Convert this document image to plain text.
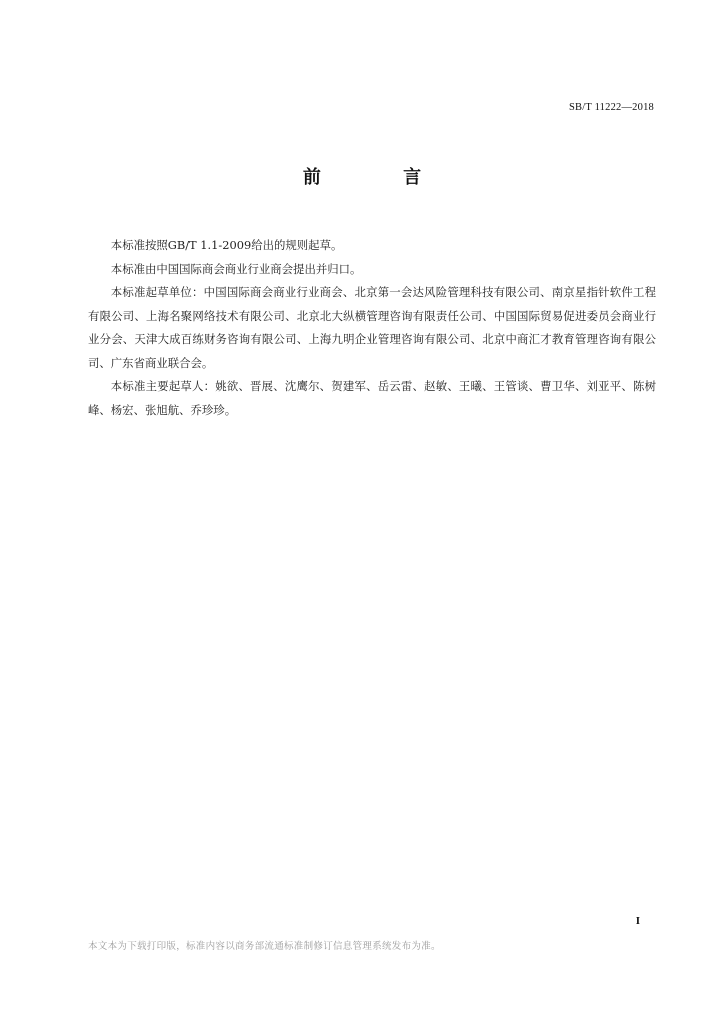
SB/T 11222—2018
前 言

本标准按照GB/T 1.1-2009给出的规则起草。

本标准由中国国际商会商业行业商会提出并归口。

本标准起草单位：中国国际商会商业行业商会、北京第一会达风险管理科技有限公司、南京星指针软件工程有限公司、上海名聚网络技术有限公司、北京北大纵横管理咨询有限责任公司、中国国际贸易促进委员会商业行业分会、天津大成百练财务咨询有限公司、上海九明企业管理咨询有限公司、北京中商汇才教育管理咨询有限公司、广东省商业联合会。

本标准主要起草人：姚欲、晋展、沈鹰尔、贺建军、岳云雷、赵敏、王曦、王管谈、曹卫华、刘亚平、陈树峰、杨宏、张旭航、乔珍珍。

I
本文本为下载打印版，标准内容以商务部流通标准制修订信息管理系统发布为准。
